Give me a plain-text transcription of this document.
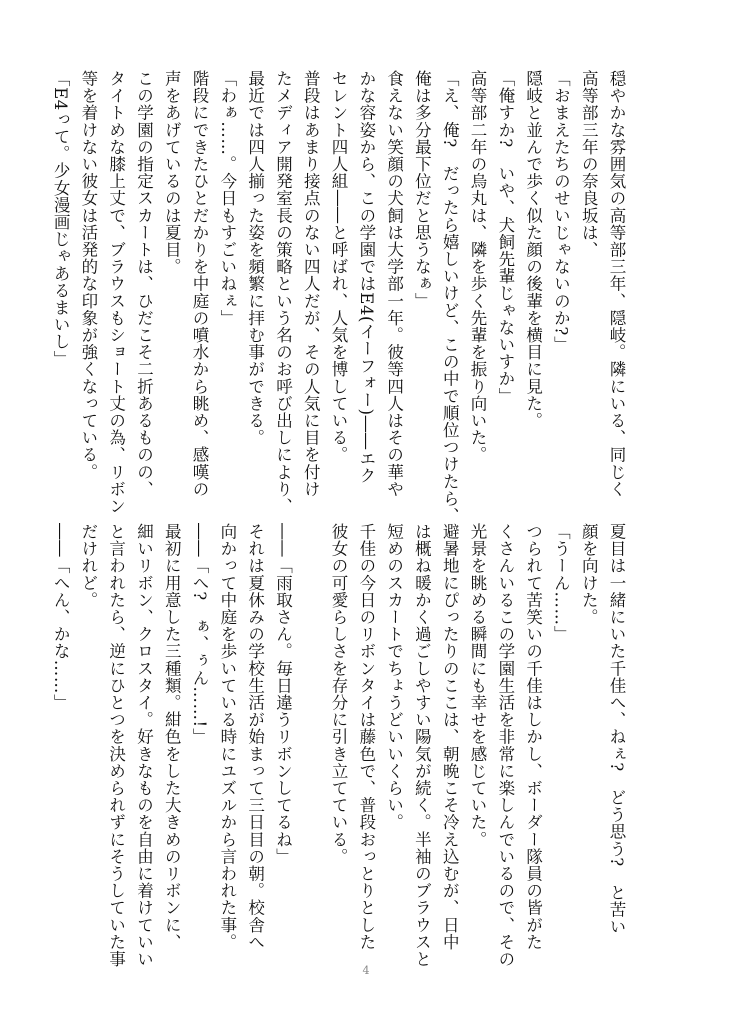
穏やかな雰囲気の高等部三年、隠岐。隣にいる、同じく
高等部三年の奈良坂は、
「おまえたちのせいじゃないのか?」
隠岐と並んで歩く似た顔の後輩を横目に見た。
「俺すか?　いや、犬飼先輩じゃないすか」
高等部二年の烏丸は、隣を歩く先輩を振り向いた。
「え、俺?　だったら嬉しいけど、この中で順位つけたら、
俺は多分最下位だと思うなぁ」
食えない笑顔の犬飼は大学部一年。彼等四人はその華や
かな容姿から、この学園ではE4(イーフォー)――エク
セレント四人組――と呼ばれ、人気を博している。
普段はあまり接点のない四人だが、その人気に目を付け
たメディア開発室長の策略という名のお呼び出しにより、
最近では四人揃った姿を頻繁に拝む事ができる。
「わぁ……。今日もすごいねぇ」
階段にできたひとだかりを中庭の噴水から眺め、感嘆の
声をあげているのは夏目。
この学園の指定スカートは、ひだこそ二折あるものの、
タイトめな膝上丈で、ブラウスもショート丈の為、リボン
等を着けない彼女は活発的な印象が強くなっている。
「E4って。少女漫画じゃあるまいし」
夏目は一緒にいた千佳へ、ねぇ?　どう思う?　と苦い
顔を向けた。
「うーん……」
つられて苦笑いの千佳はしかし、ボーダー隊員の皆がた
くさんいるこの学園生活を非常に楽しんでいるので、その
光景を眺める瞬間にも幸せを感じていた。
避暑地にぴったりのここは、朝晩こそ冷え込むが、日中
は概ね暖かく過ごしやすい陽気が続く。半袖のブラウスと
短めのスカートでちょうどいいくらい。
千佳の今日のリボンタイは藤色で、普段おっとりとした
彼女の可愛らしさを存分に引き立てている。

――「雨取さん。毎日違うリボンしてるね」
それは夏休みの学校生活が始まって三日目の朝。校舎へ
向かって中庭を歩いている時にユズルから言われた事。
――「へ?　ぁ、ぅん……!」
最初に用意した三種類。紺色をした大きめのリボンに、
細いリボン、クロスタイ。好きなものを自由に着けていい
と言われたら、逆にひとつを決められずにそうしていた事
だけれど。
――「へん、かな……」
4
